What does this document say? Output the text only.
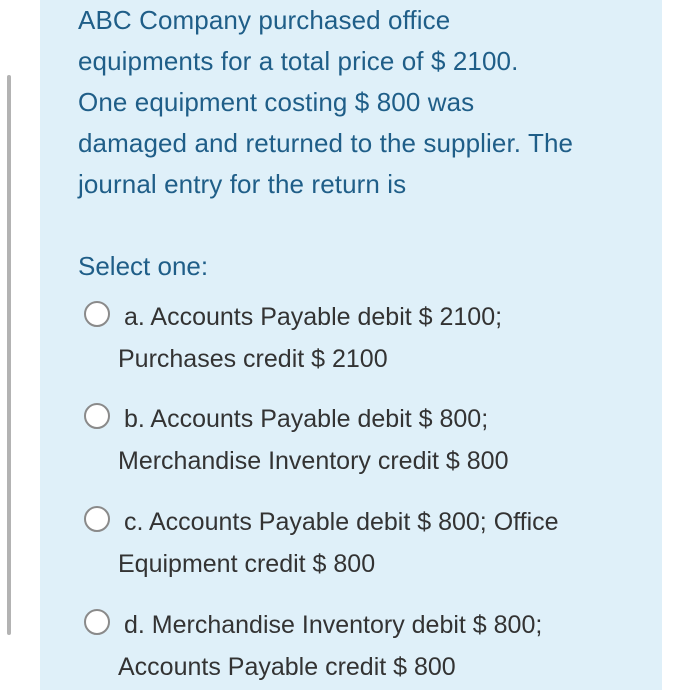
ABC Company purchased office
equipments for a total price of $ 2100.
One equipment costing $ 800 was
damaged and returned to the supplier. The
journal entry for the return is
Select one:
a. Accounts Payable debit $ 2100;
Purchases credit $ 2100
b. Accounts Payable debit $ 800;
Merchandise Inventory credit $ 800
c. Accounts Payable debit $ 800; Office
Equipment credit $ 800
d. Merchandise Inventory debit $ 800;
Accounts Payable credit $ 800
